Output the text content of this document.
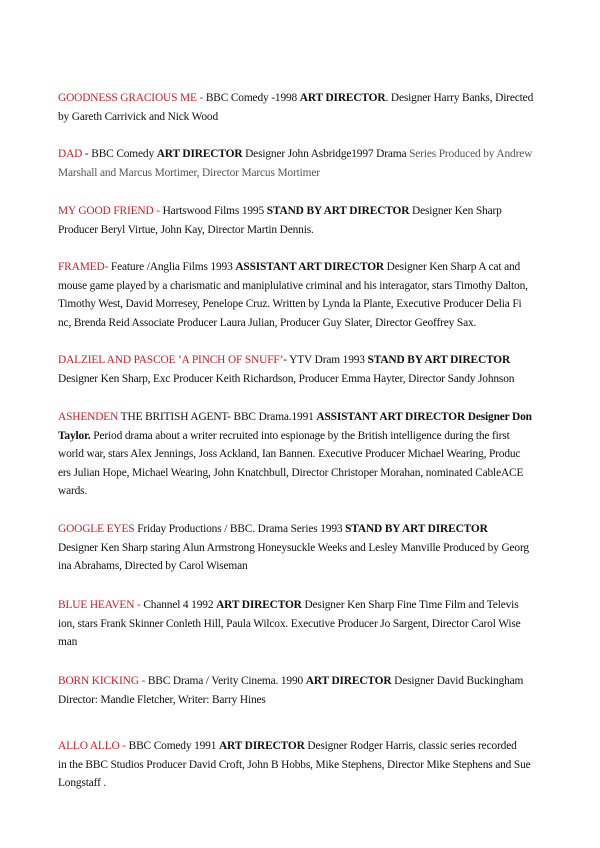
GOODNESS GRACIOUS ME - BBC Comedy -1998 ART DIRECTOR. Designer Harry Banks, Directed
by Gareth Carrivick and Nick Wood
DAD - BBC Comedy ART DIRECTOR Designer John Asbridge1997 Drama Series Produced by Andrew
Marshall and Marcus Mortimer, Director Marcus Mortimer
MY GOOD FRIEND - Hartswood Films 1995 STAND BY ART DIRECTOR Designer Ken Sharp
Producer Beryl Virtue, John Kay, Director Martin Dennis.
FRAMED- Feature /Anglia Films 1993 ASSISTANT ART DIRECTOR Designer Ken Sharp A cat and
mouse game played by a charismatic and maniplulative criminal and his interagator, stars Timothy Dalton,
Timothy West, David Morresey, Penelope Cruz. Written by Lynda la Plante, Executive Producer Delia Fi
nc, Brenda Reid Associate Producer Laura Julian, Producer Guy Slater, Director Geoffrey Sax.
DALZIEL AND PASCOE ‘A PINCH OF SNUFF’- YTV Dram 1993 STAND BY ART DIRECTOR
Designer Ken Sharp, Exc Producer Keith Richardson, Producer Emma Hayter, Director Sandy Johnson
ASHENDEN THE BRITISH AGENT- BBC Drama.1991 ASSISTANT ART DIRECTOR Designer Don
Taylor. Period drama about a writer recruited into espionage by the British intelligence during the first
world war, stars Alex Jennings, Joss Ackland, Ian Bannen. Executive Producer Michael Wearing, Produc
ers Julian Hope, Michael Wearing, John Knatchbull, Director Christoper Morahan, nominated CableACE
wards.
GOOGLE EYES Friday Productions / BBC. Drama Series 1993 STAND BY ART DIRECTOR
Designer Ken Sharp staring Alun Armstrong Honeysuckle Weeks and Lesley Manville Produced by Georg
ina Abrahams, Directed by Carol Wiseman
BLUE HEAVEN - Channel 4 1992 ART DIRECTOR Designer Ken Sharp Fine Time Film and Televis
ion, stars Frank Skinner Conleth Hill, Paula Wilcox. Executive Producer Jo Sargent, Director Carol Wise
man
BORN KICKING - BBC Drama / Verity Cinema. 1990 ART DIRECTOR Designer David Buckingham
Director: Mandie Fletcher, Writer: Barry Hines
ALLO ALLO - BBC Comedy 1991 ART DIRECTOR Designer Rodger Harris, classic series recorded
in the BBC Studios Producer David Croft, John B Hobbs, Mike Stephens, Director Mike Stephens and Sue
Longstaff .
